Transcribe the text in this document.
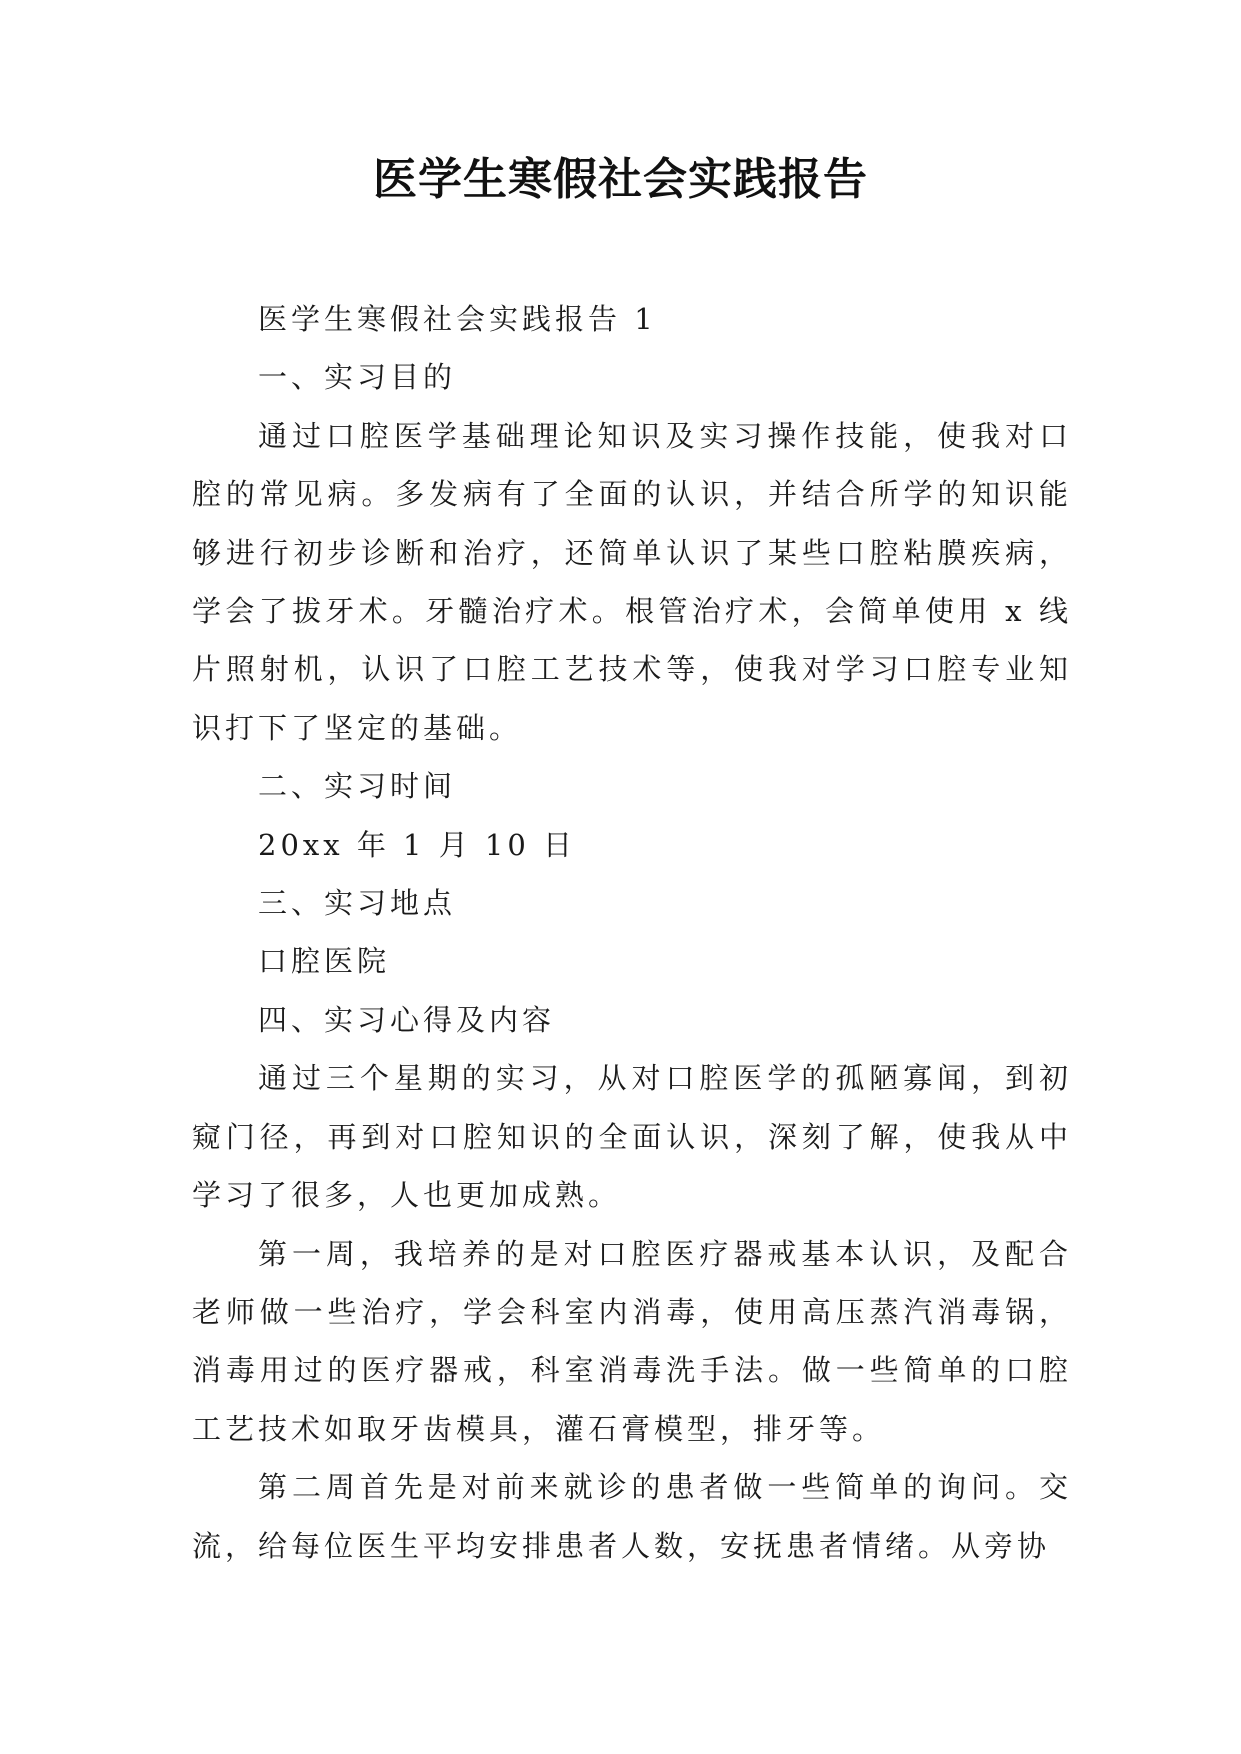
医学生寒假社会实践报告

医学生寒假社会实践报告 1

一、实习目的

通过口腔医学基础理论知识及实习操作技能，使我对口腔的常见病。多发病有了全面的认识，并结合所学的知识能够进行初步诊断和治疗，还简单认识了某些口腔粘膜疾病，学会了拔牙术。牙髓治疗术。根管治疗术，会简单使用 x 线片照射机，认识了口腔工艺技术等，使我对学习口腔专业知识打下了坚定的基础。

二、实习时间

20xx 年 1 月 10 日

三、实习地点

口腔医院

四、实习心得及内容

通过三个星期的实习，从对口腔医学的孤陋寡闻，到初窥门径，再到对口腔知识的全面认识，深刻了解，使我从中学习了很多，人也更加成熟。

第一周，我培养的是对口腔医疗器戒基本认识，及配合老师做一些治疗，学会科室内消毒，使用高压蒸汽消毒锅，消毒用过的医疗器戒，科室消毒洗手法。做一些简单的口腔工艺技术如取牙齿模具，灌石膏模型，排牙等。

第二周首先是对前来就诊的患者做一些简单的询问。交流，给每位医生平均安排患者人数，安抚患者情绪。从旁协
